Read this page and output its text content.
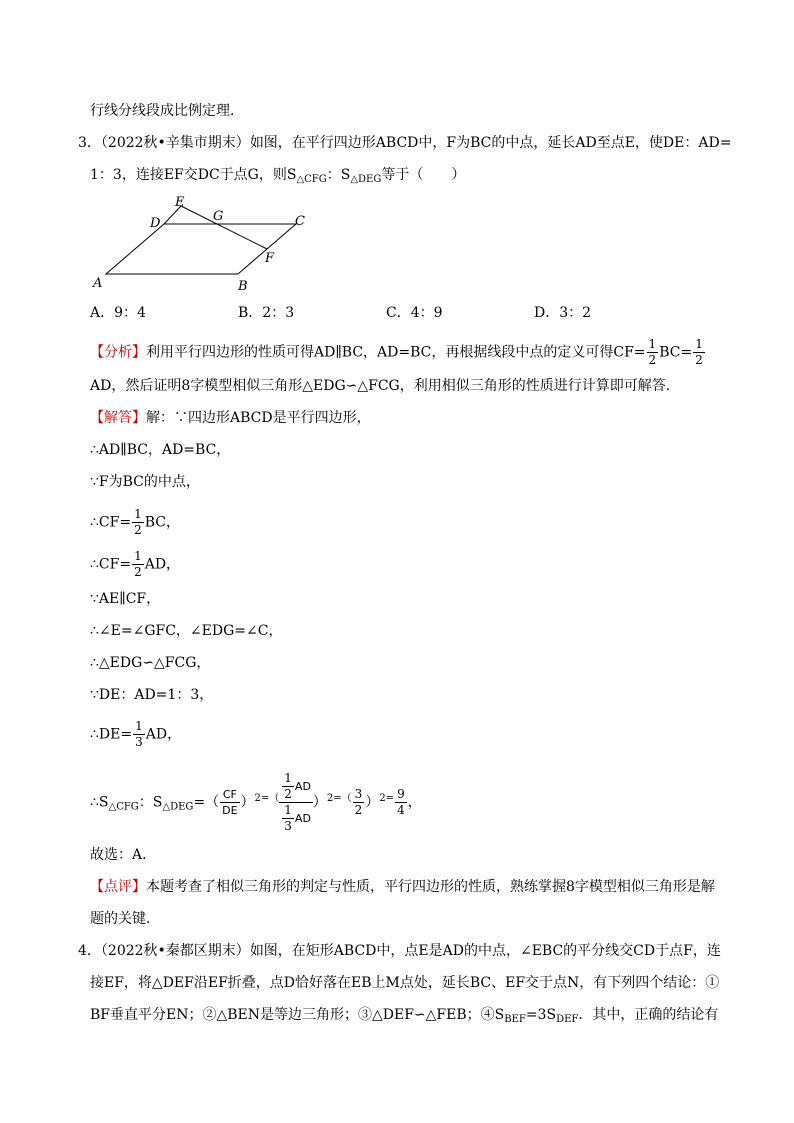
行线分线段成比例定理．
3．（2022秋•辛集市期末）如图，在平行四边形ABCD中，F为BC的中点，延长AD至点E，使DE：AD=
1：3，连接EF交DC于点G，则$S_{\triangle CFG}$：$S_{\triangle DEG}$等于（　　）
A	B
C
D
E
G
F
A．9：4	B．2：3	C．4：9	D．3：2
【分析】利用平行四边形的性质可得AD∥BC，AD=BC，再根据线段中点的定义可得$CF= \frac{1}{2} BC= \frac{1}{2}$
AD，然后证明8字模型相似三角形△EDG∽△FCG，利用相似三角形的性质进行计算即可解答．
【解答】解：∵四边形ABCD是平行四边形，
∴AD∥BC，AD=BC，
∵F为BC的中点，
∴CF= $\frac{1}{2}$ BC，
∴CF= $\frac{1}{2}$ AD，
∵AE∥CF，
∴∠E=∠GFC，∠EDG=∠C，
∴△EDG∽△FCG，
∵DE：AD=1：3，
∴DE= $\frac{1}{3}$ AD，
$\therefore S_{\triangle CFG}$：$S_{\triangle DEG}=( \frac{CF}{DE} )^{2=(} \frac{\frac{1}{2} AD}{\frac{1}{3} AD} )^{2=(} \frac{3}{2} )^{2=} \frac{9}{4}$ ，
故选：A．
【点评】本题考查了相似三角形的判定与性质，平行四边形的性质，熟练掌握8字模型相似三角形是解
题的关键．
4．（2022秋•秦都区期末）如图，在矩形ABCD中，点E是AD的中点，∠EBC的平分线交CD于点F，连
接EF，将△DEF沿EF折叠，点D恰好落在EB上M点处，延长BC、EF交于点N，有下列四个结论：①
BF垂直平分EN；②△BEN是等边三角形；③△DEF∽△FEB；$④S_{BEF}=3S_{DEF}$．其中，正确的结论有
